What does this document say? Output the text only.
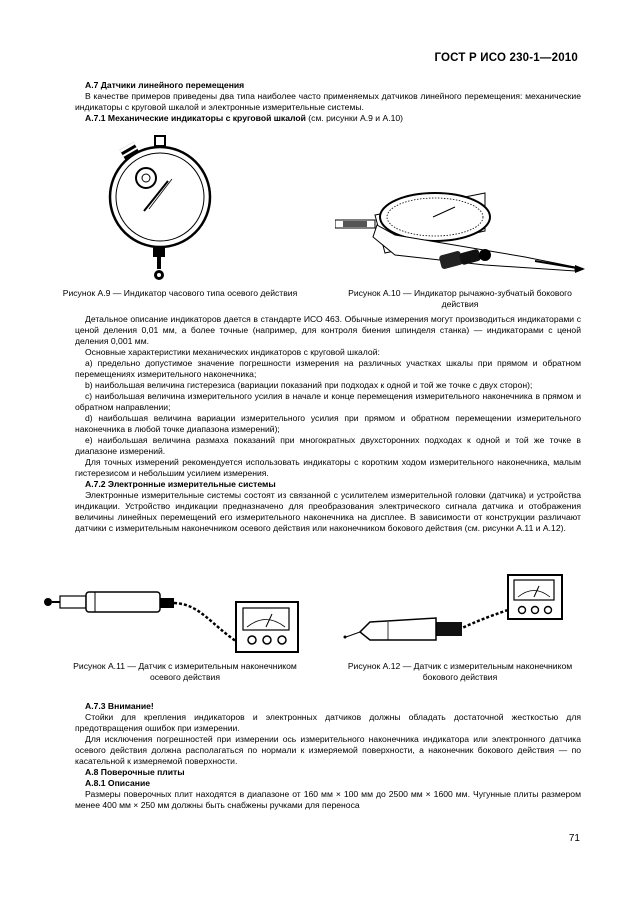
ГОСТ Р ИСО 230-1—2010

А.7 Датчики линейного перемещения

В качестве примеров приведены два типа наиболее часто применяемых датчиков линейного перемещения: механические индикаторы с круговой шкалой и электронные измерительные системы.

А.7.1 Механические индикаторы с круговой шкалой (см. рисунки А.9 и А.10)

Рисунок А.9 — Индикатор часового типа осевого действия	Рисунок А.10 — Индикатор рычажно-зубчатый бокового действия

Детальное описание индикаторов дается в стандарте ИСО 463. Обычные измерения могут производиться индикаторами с ценой деления 0,01 мм, а более точные (например, для контроля биения шпинделя станка) — индикаторами с ценой деления 0,001 мм.

Основные характеристики механических индикаторов с круговой шкалой:

a) предельно допустимое значение погрешности измерения на различных участках шкалы при прямом и обратном перемещениях измерительного наконечника;

b) наибольшая величина гистерезиса (вариации показаний при подходах к одной и той же точке с двух сторон);

c) наибольшая величина измерительного усилия в начале и конце перемещения измерительного наконечника в прямом и обратном направлении;

d) наибольшая величина вариации измерительного усилия при прямом и обратном перемещении измерительного наконечника в любой точке диапазона измерений);

e) наибольшая величина размаха показаний при многократных двухсторонних подходах к одной и той же точке в диапазоне измерений.

Для точных измерений рекомендуется использовать индикаторы с коротким ходом измерительного наконечника, малым гистерезисом и небольшим усилием измерения.

А.7.2 Электронные измерительные системы

Электронные измерительные системы состоят из связанной с усилителем измерительной головки (датчика) и устройства индикации. Устройство индикации предназначено для преобразования электрического сигнала датчика и отображения величины линейных перемещений его измерительного наконечника на дисплее. В зависимости от конструкции различают датчики с измерительным наконечником осевого действия или наконечником бокового действия (см. рисунки А.11 и А.12).

Рисунок А.11 — Датчик с измерительным наконечником осевого действия
Рисунок А.12 — Датчик с измерительным наконечником бокового действия

А.7.3 Внимание!

Стойки для крепления индикаторов и электронных датчиков должны обладать достаточной жесткостью для предотвращения ошибок при измерении.

Для исключения погрешностей при измерении ось измерительного наконечника индикатора или электронного датчика осевого действия должна располагаться по нормали к измеряемой поверхности, а наконечник бокового действия — по касательной к измеряемой поверхности.

А.8 Поверочные плиты

А.8.1 Описание

Размеры поверочных плит находятся в диапазоне от 160 мм × 100 мм до 2500 мм × 1600 мм. Чугунные плиты размером менее 400 мм × 250 мм должны быть снабжены ручками для переноса

71
